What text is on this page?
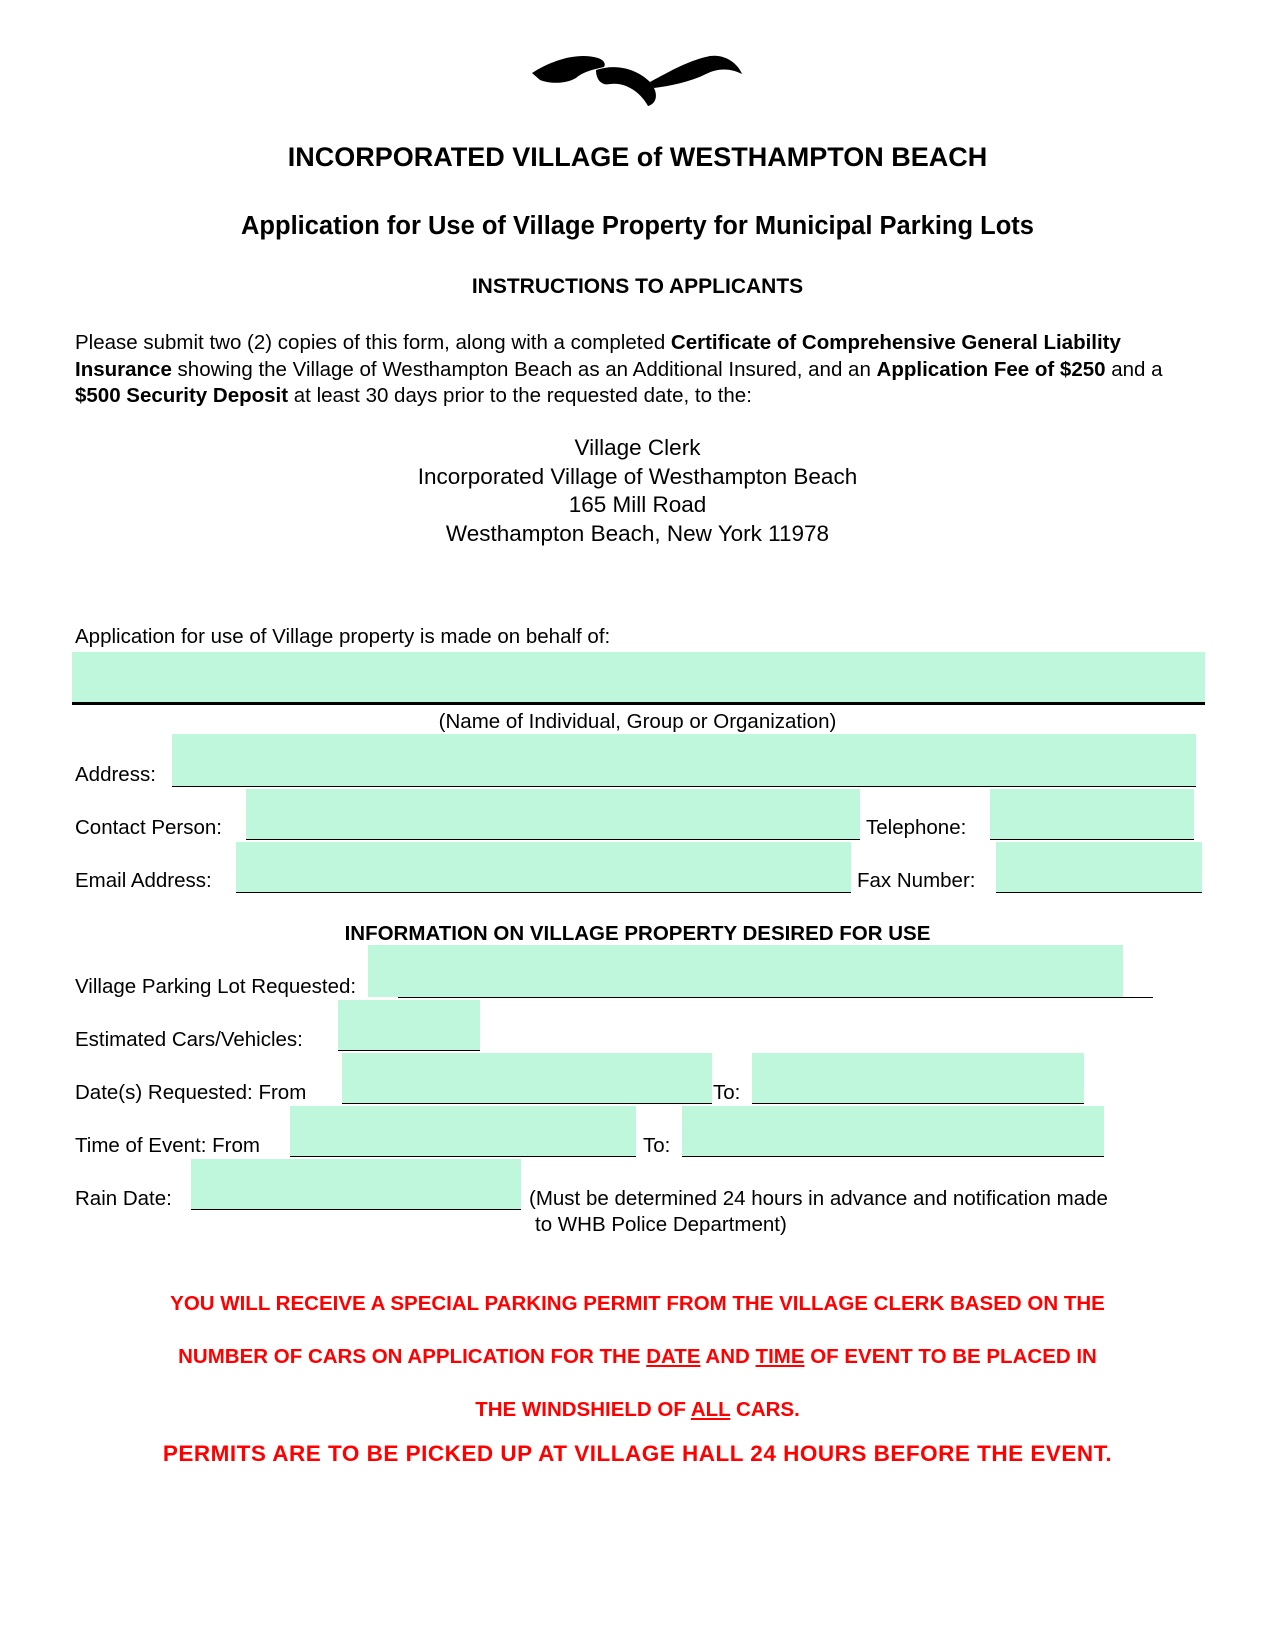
INCORPORATED VILLAGE of WESTHAMPTON BEACH
Application for Use of Village Property for Municipal Parking Lots
INSTRUCTIONS TO APPLICANTS
Please submit two (2) copies of this form, along with a completed Certificate of Comprehensive General Liability Insurance showing the Village of Westhampton Beach as an Additional Insured, and an Application Fee of $250 and a $500 Security Deposit at least 30 days prior to the requested date, to the:
Village Clerk
Incorporated Village of Westhampton Beach
165 Mill Road
Westhampton Beach, New York 11978
Application for use of Village property is made on behalf of:
(Name of Individual, Group or Organization)
Address:
Contact Person:	Telephone:
Email Address:	Fax Number:
INFORMATION ON VILLAGE PROPERTY DESIRED FOR USE
Village Parking Lot Requested:
Estimated Cars/Vehicles:
Date(s) Requested: From	To:
Time of Event: From	To:
Rain Date:	(Must be determined 24 hours in advance and notification made
to WHB Police Department)
YOU WILL RECEIVE A SPECIAL PARKING PERMIT FROM THE VILLAGE CLERK BASED ON THE
NUMBER OF CARS ON APPLICATION FOR THE DATE AND TIME OF EVENT TO BE PLACED IN
THE WINDSHIELD OF ALL CARS.
PERMITS ARE TO BE PICKED UP AT VILLAGE HALL 24 HOURS BEFORE THE EVENT.
